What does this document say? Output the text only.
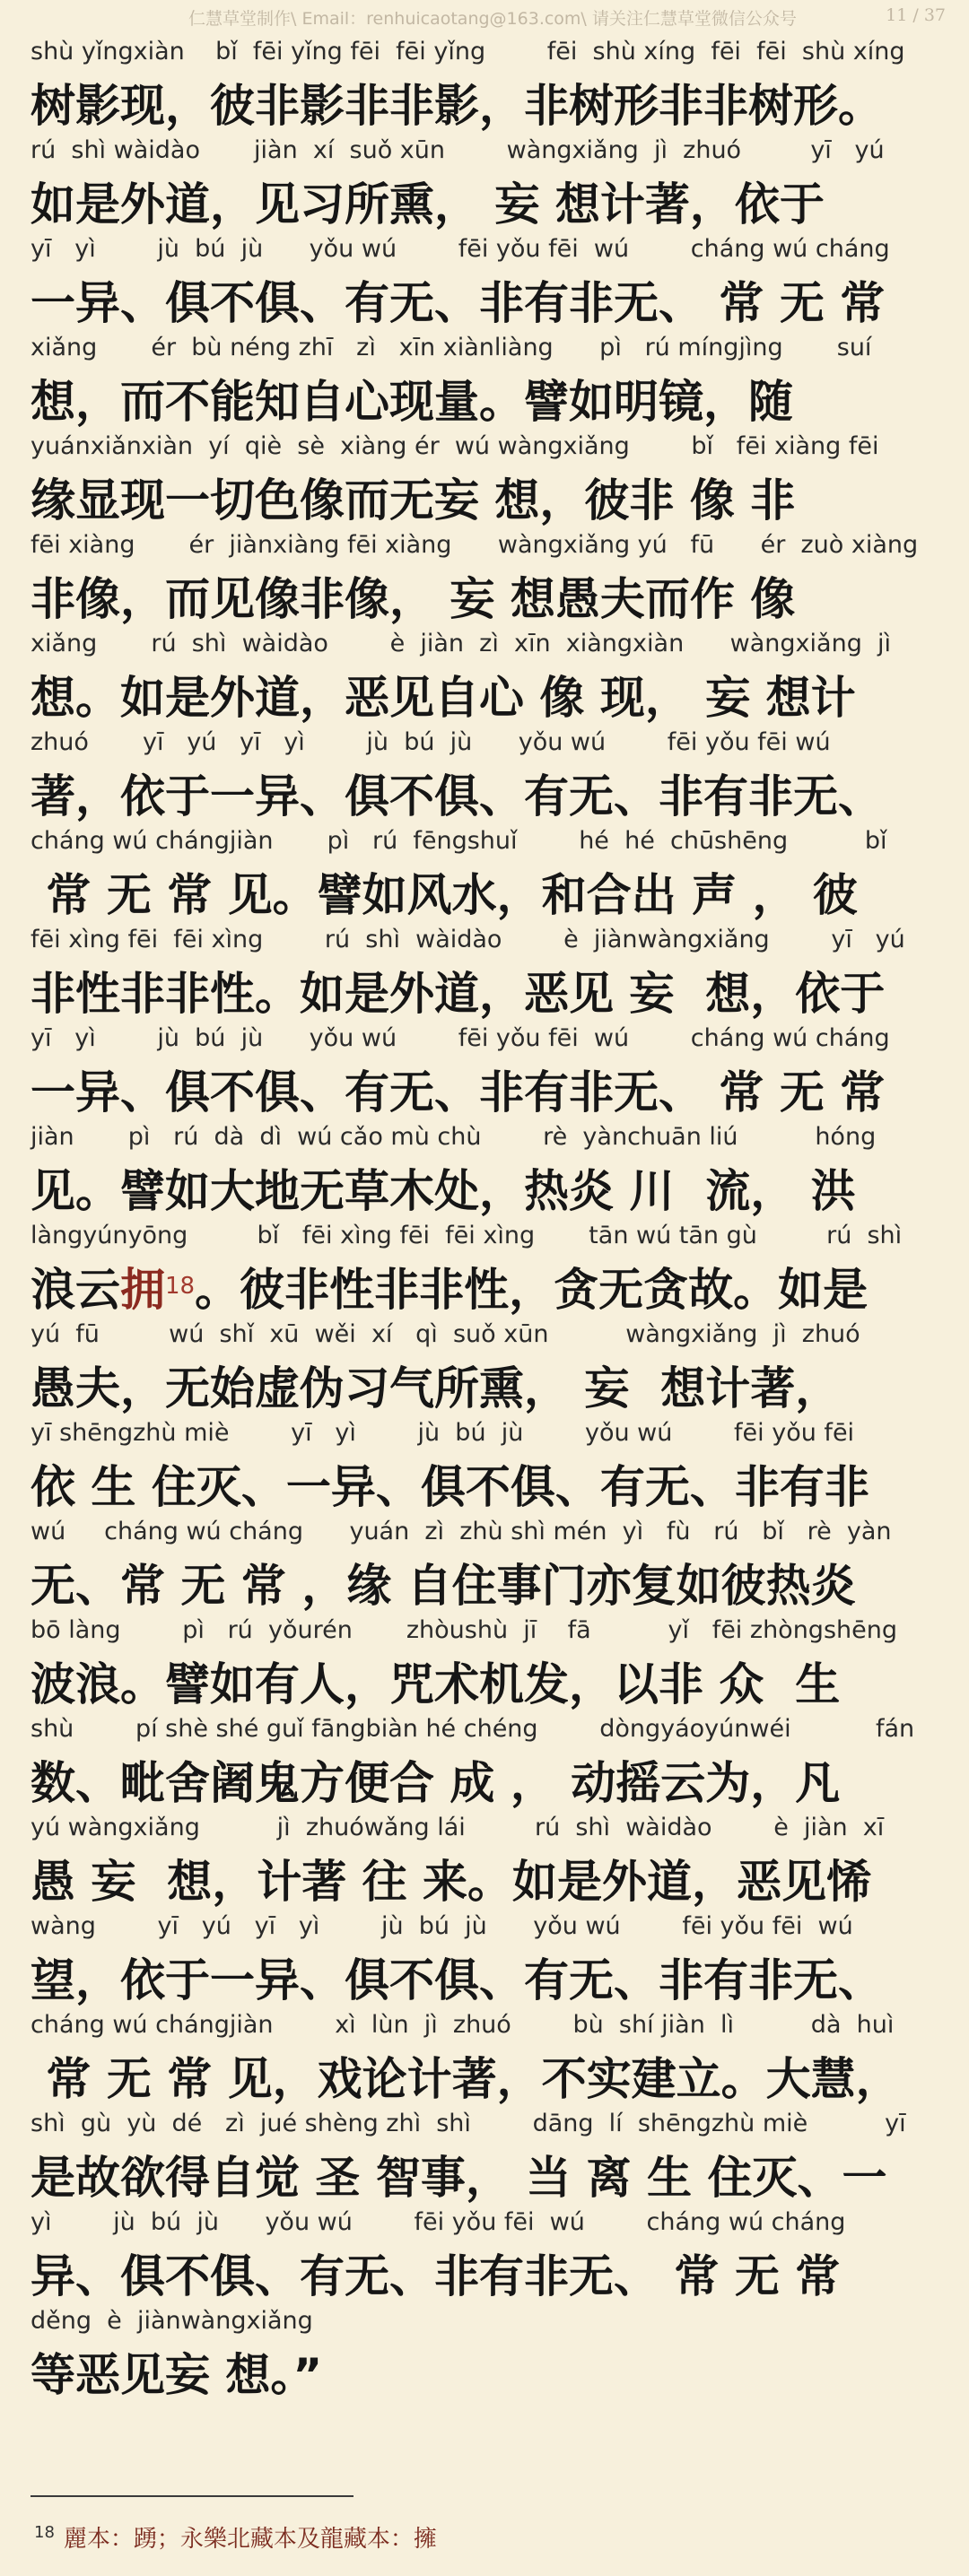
仁慧草堂制作\ Email：renhuicaotang@163.com\ 请关注仁慧草堂微信公众号	11 / 37
shù yǐngxiàn    bǐ  fēi yǐng fēi  fēi yǐng        fēi  shù xíng  fēi  fēi  shù xíng
树影现，彼非影非非影，非树形非非树形。
rú  shì wàidào       jiàn  xí  suǒ xūn        wàngxiǎng  jì  zhuó         yī   yú
如是外道，见习所熏， 妄 想计著，依于
yī   yì        jù  bú  jù      yǒu wú        fēi yǒu fēi  wú        cháng wú cháng
一异、俱不俱、有无、非有非无、 常 无 常
xiǎng       ér  bù néng zhī   zì   xīn xiànliàng      pì   rú míngjìng       suí
想，而不能知自心现量。譬如明镜，随
yuánxiǎnxiàn  yí  qiè  sè  xiàng ér  wú wàngxiǎng        bǐ   fēi xiàng fēi
缘显现一切色像而无妄 想，彼非 像 非
fēi xiàng       ér  jiànxiàng fēi xiàng      wàngxiǎng yú   fū      ér  zuò xiàng
非像，而见像非像， 妄 想愚夫而作 像
xiǎng       rú  shì  wàidào        è  jiàn  zì  xīn  xiàngxiàn      wàngxiǎng  jì
想。如是外道，恶见自心 像 现， 妄 想计
zhuó       yī   yú   yī   yì        jù  bú  jù      yǒu wú        fēi yǒu fēi wú
著，依于一异、俱不俱、有无、非有非无、
cháng wú chángjiàn       pì   rú  fēngshuǐ        hé  hé  chūshēng          bǐ
常 无 常 见。譬如风水，和合出 声 ， 彼
fēi xìng fēi  fēi xìng        rú  shì  wàidào        è  jiànwàngxiǎng        yī   yú
非性非非性。如是外道，恶见 妄  想，依于
yī   yì        jù  bú  jù      yǒu wú        fēi yǒu fēi  wú        cháng wú cháng
一异、俱不俱、有无、非有非无、 常 无 常
jiàn       pì   rú  dà  dì  wú cǎo mù chù        rè  yànchuān liú          hóng
见。譬如大地无草木处，热炎 川  流， 洪
làngyúnyōng         bǐ   fēi xìng fēi  fēi xìng       tān wú tān gù         rú  shì
浪云 拥 18 。彼非性非非性，贪无贪故。如是
yú  fū         wú  shǐ  xū  wěi  xí   qì  suǒ xūn          wàngxiǎng  jì  zhuó
愚夫，无始虚伪习气所熏， 妄  想计著，
yī shēngzhù miè        yī   yì        jù  bú  jù        yǒu wú        fēi yǒu fēi
依 生 住灭、一异、俱不俱、有无、非有非
wú     cháng wú cháng      yuán  zì  zhù shì mén  yì   fù   rú   bǐ   rè  yàn
无、常 无 常 ，缘 自住事门亦复如彼热炎
bō làng        pì   rú  yǒurén       zhòushù  jī    fā          yǐ   fēi zhòngshēng
波浪。譬如有人，咒术机发，以非 众  生
shù        pí shè shé guǐ fāngbiàn hé chéng        dòngyáoyúnwéi           fán
数、毗舍阇鬼方便合 成 ， 动摇云为，凡
yú wàngxiǎng          jì  zhuówǎng lái         rú  shì  wàidào        è  jiàn  xī
愚 妄  想，计著 往 来。如是外道，恶见悕
wàng        yī   yú   yī   yì        jù  bú  jù      yǒu wú        fēi yǒu fēi  wú
望，依于一异、俱不俱、有无、非有非无、
cháng wú chángjiàn        xì  lùn  jì  zhuó        bù  shí jiàn  lì          dà  huì
常 无 常 见，戏论计著，不实建立。大慧，
shì  gù  yù  dé   zì  jué shèng zhì  shì        dāng  lí  shēngzhù miè          yī
是故欲得自觉 圣 智事， 当 离 生 住灭、一
yì        jù  bú  jù      yǒu wú        fēi yǒu fēi  wú        cháng wú cháng
异、俱不俱、有无、非有非无、 常 无 常
děng  è  jiànwàngxiǎng
等恶见妄 想。”
$^{18}$ 麗本：踴；永樂北藏本及龍藏本：擁
